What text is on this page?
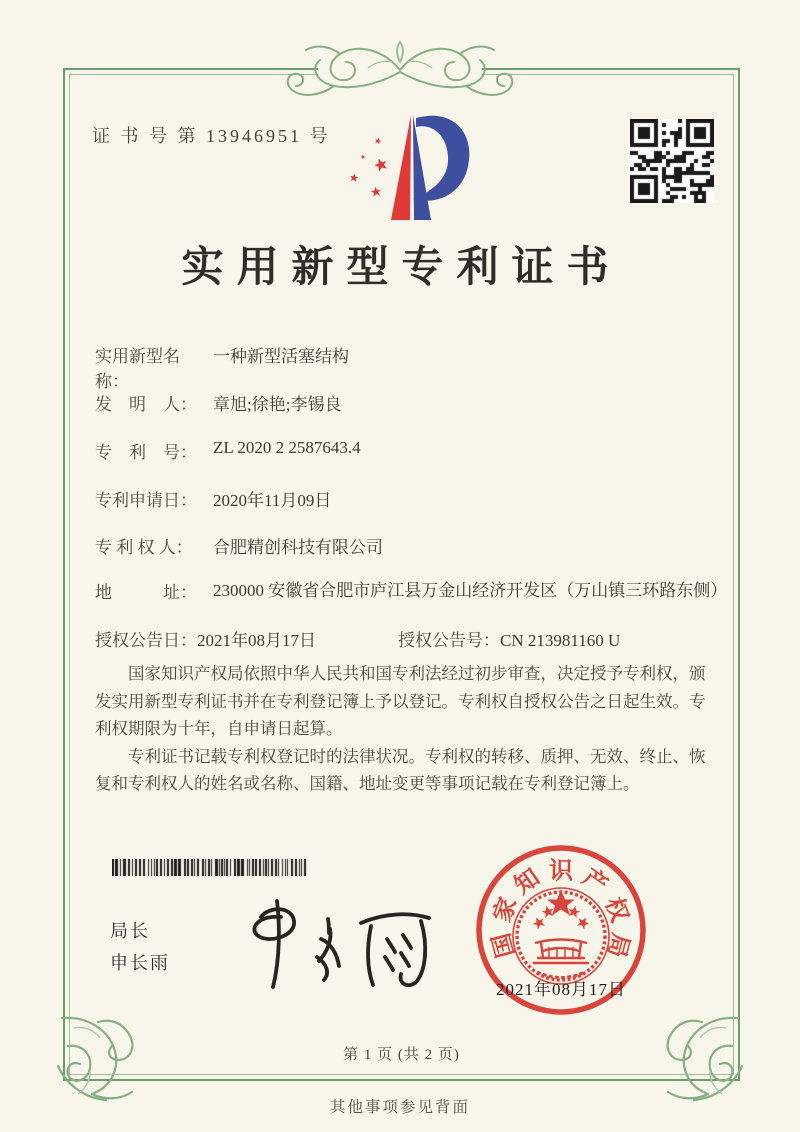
证 书 号 第 13946951 号
实用新型专利证书
实用新型名称：一种新型活塞结构
发　明　人： 章旭;徐艳;李锡良
专　利　号： ZL 2020 2 2587643.4
专利申请日： 2020年11月09日
专 利 权 人： 合肥精创科技有限公司
地　　　址： 230000 安徽省合肥市庐江县万金山经济开发区（万山镇三环路东侧）
授权公告日：2021年08月17日	授权公告号：CN 213981160 U

国家知识产权局依照中华人民共和国专利法经过初步审查，决定授予专利权，颁发实用新型专利证书并在专利登记簿上予以登记。专利权自授权公告之日起生效。专利权期限为十年，自申请日起算。

专利证书记载专利权登记时的法律状况。专利权的转移、质押、无效、终止、恢复和专利权人的姓名或名称、国籍、地址变更等事项记载在专利登记簿上。

局长
申长雨
国
家
知 识 产
权
局
2021年08月17日
第 1 页 (共 2 页)
其他事项参见背面
